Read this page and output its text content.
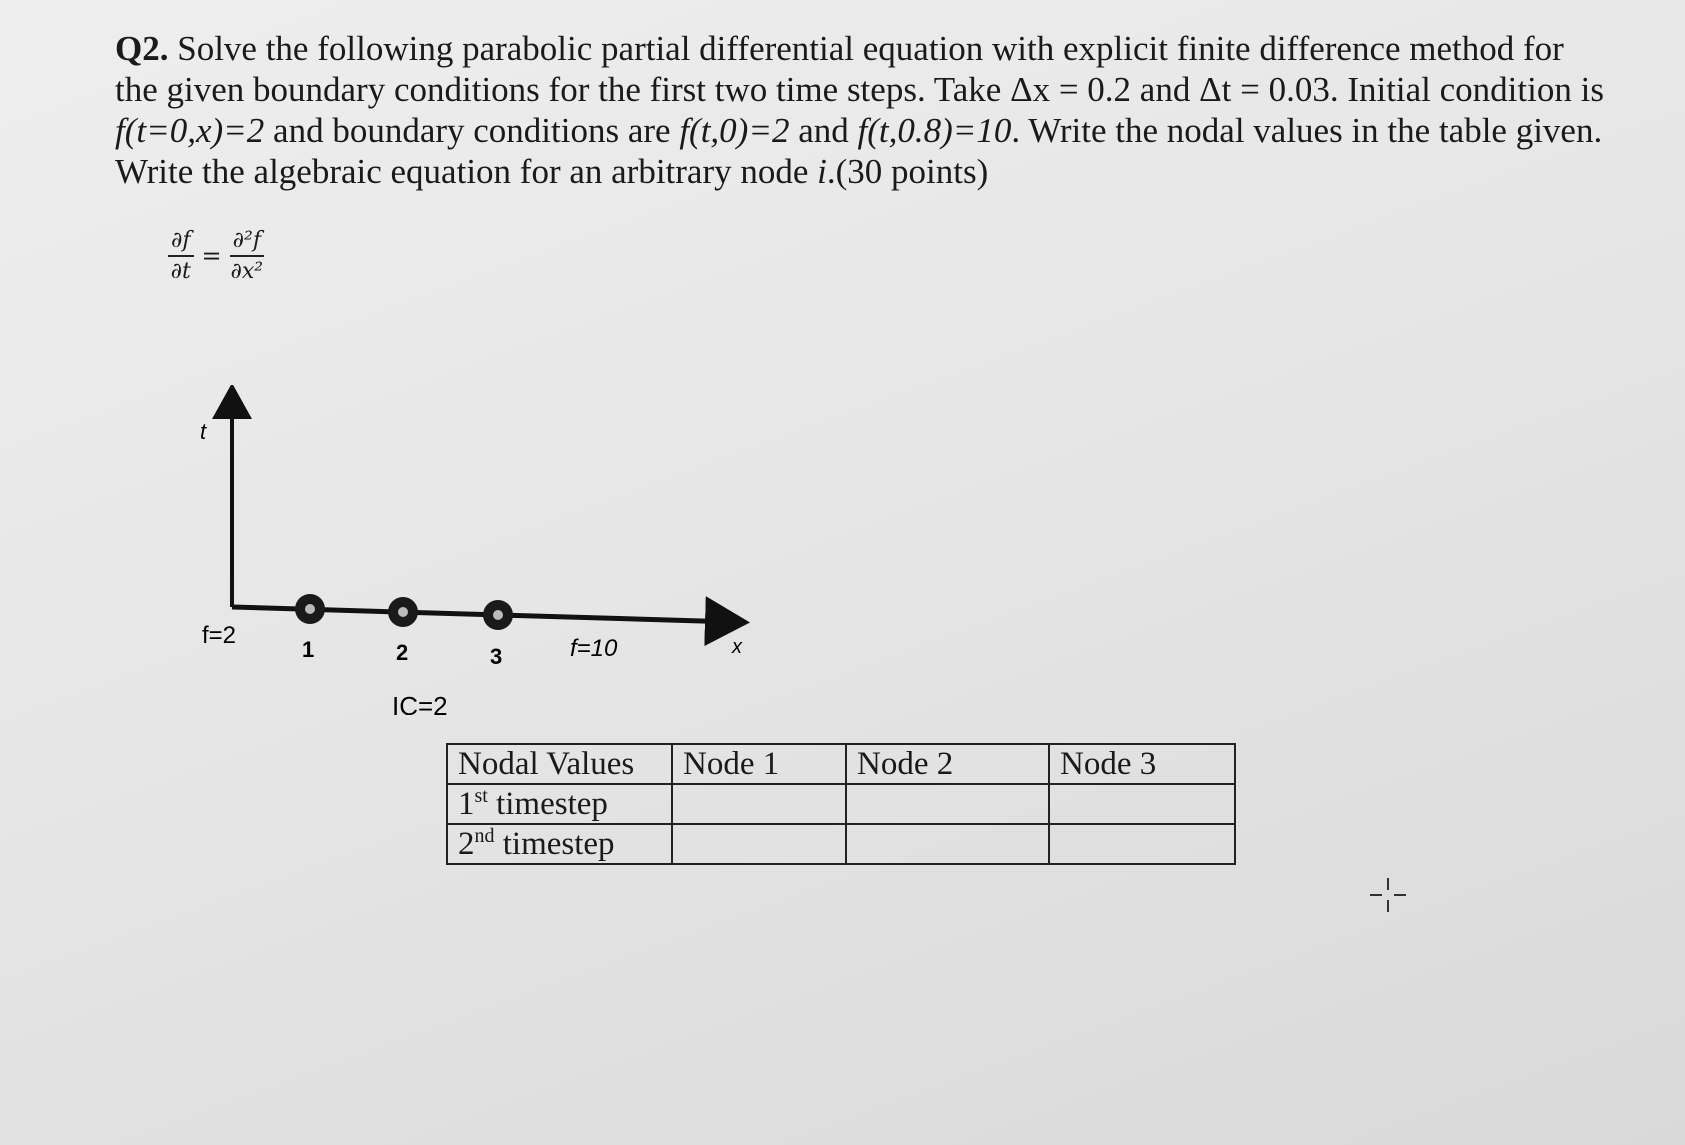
Q2. Solve the following parabolic partial differential equation with explicit finite difference method for the given boundary conditions for the first two time steps. Take Δx = 0.2 and Δt = 0.03. Initial condition is f(t=0,x)=2 and boundary conditions are f(t,0)=2 and f(t,0.8)=10. Write the nodal values in the table given. Write the algebraic equation for an arbitrary node i.(30 points)
$\frac{\partial f}{\partial t} = \frac{\text{∂²f}}{\text{∂x²}}$
t
x
f=2
1	2	3	f=10
IC=2
Nodal Values	Node 1	Node 2	Node 3
1st timestep			
2nd timestep			
